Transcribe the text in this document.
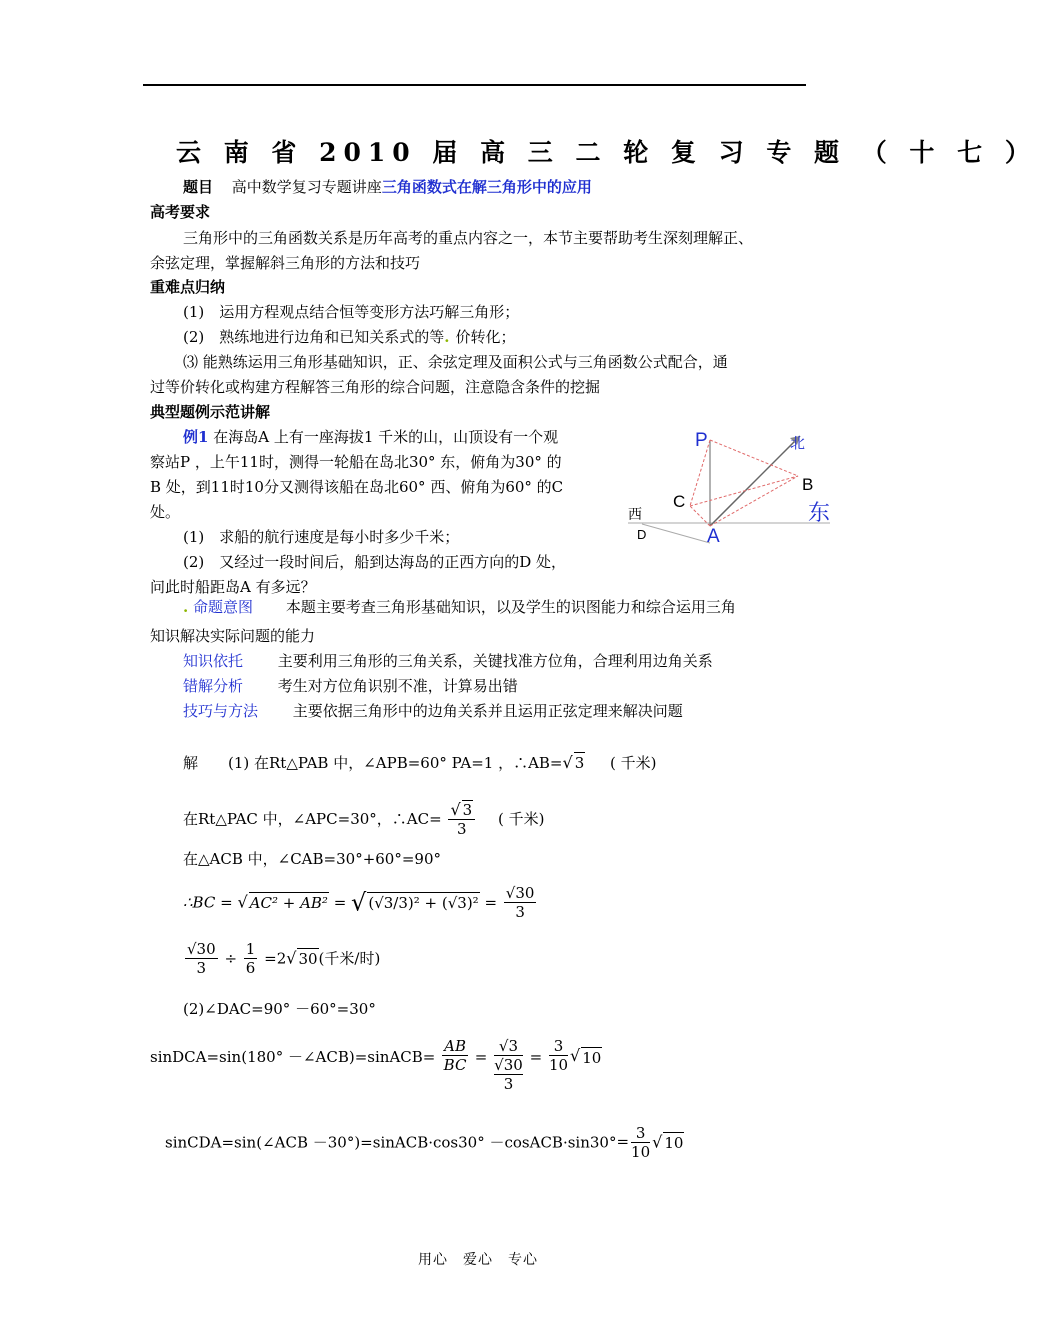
云 南 省 2010 届 高 三 二 轮 复 习 专 题 （ 十 七 ）
题目 高中数学复习专题讲座三角函数式在解三角形中的应用
高考要求
三角形中的三角函数关系是历年高考的重点内容之一，本节主要帮助考生深刻理解正、
余弦定理，掌握解斜三角形的方法和技巧
重难点归纳
(1)　运用方程观点结合恒等变形方法巧解三角形；
(2)　熟练地进行边角和已知关系式的等. 价转化；
⑶ 能熟练运用三角形基础知识，正、余弦定理及面积公式与三角函数公式配合，通
过等价转化或构建方程解答三角形的综合问题，注意隐含条件的挖掘
典型题例示范讲解
例1 在海岛A 上有一座海拔1 千米的山，山顶设有一个观
察站P ，上午11时，测得一轮船在岛北30° 东，俯角为30° 的
B 处，到11时10分又测得该船在岛北60° 西、俯角为60° 的C
处。
(1)　求船的航行速度是每小时多少千米；
(2)　又经过一段时间后，船到达海岛的正西方向的D 处，
问此时船距岛A 有多远？
P	北
B
C	东
西
D	A
. 命题意图 本题主要考查三角形基础知识，以及学生的识图能力和综合运用三角
知识解决实际问题的能力
知识依托 主要利用三角形的三角关系，关键找准方位角，合理利用边角关系
错解分析 考生对方位角识别不准，计算易出错
技巧与方法 主要依据三角形中的边角关系并且运用正弦定理来解决问题
解　　(1) 在Rt△PAB 中，∠APB=60° PA=1 ，∴AB=√ 3 ( 千米)
在Rt△PAC 中，∠APC=30°，∴AC= $\frac{√ 3}{3}$ ( 千米)
在△ACB 中，∠CAB=30°+60°=90°
∴BC = √ AC² + AB² = √ $(√3/3)^2 + (√3)^2 = \frac{√30}{3}$
$\frac{√30}{3} \div \frac{1}{6} =2√$ 30(千米/时)
(2)∠DAC=90° －60°=30°
sinDCA=sin(180° －∠ACB)=sinACB= $\frac{AB}{BC}$ =
√3
√30
3
= $\frac{3}{10}$ √ 10
sinCDA=sin(∠ACB －30°)=sinACB·cos30° －cosACB·sin30°= $\frac{3}{10}$ √ 10
用心　爱心　专心
